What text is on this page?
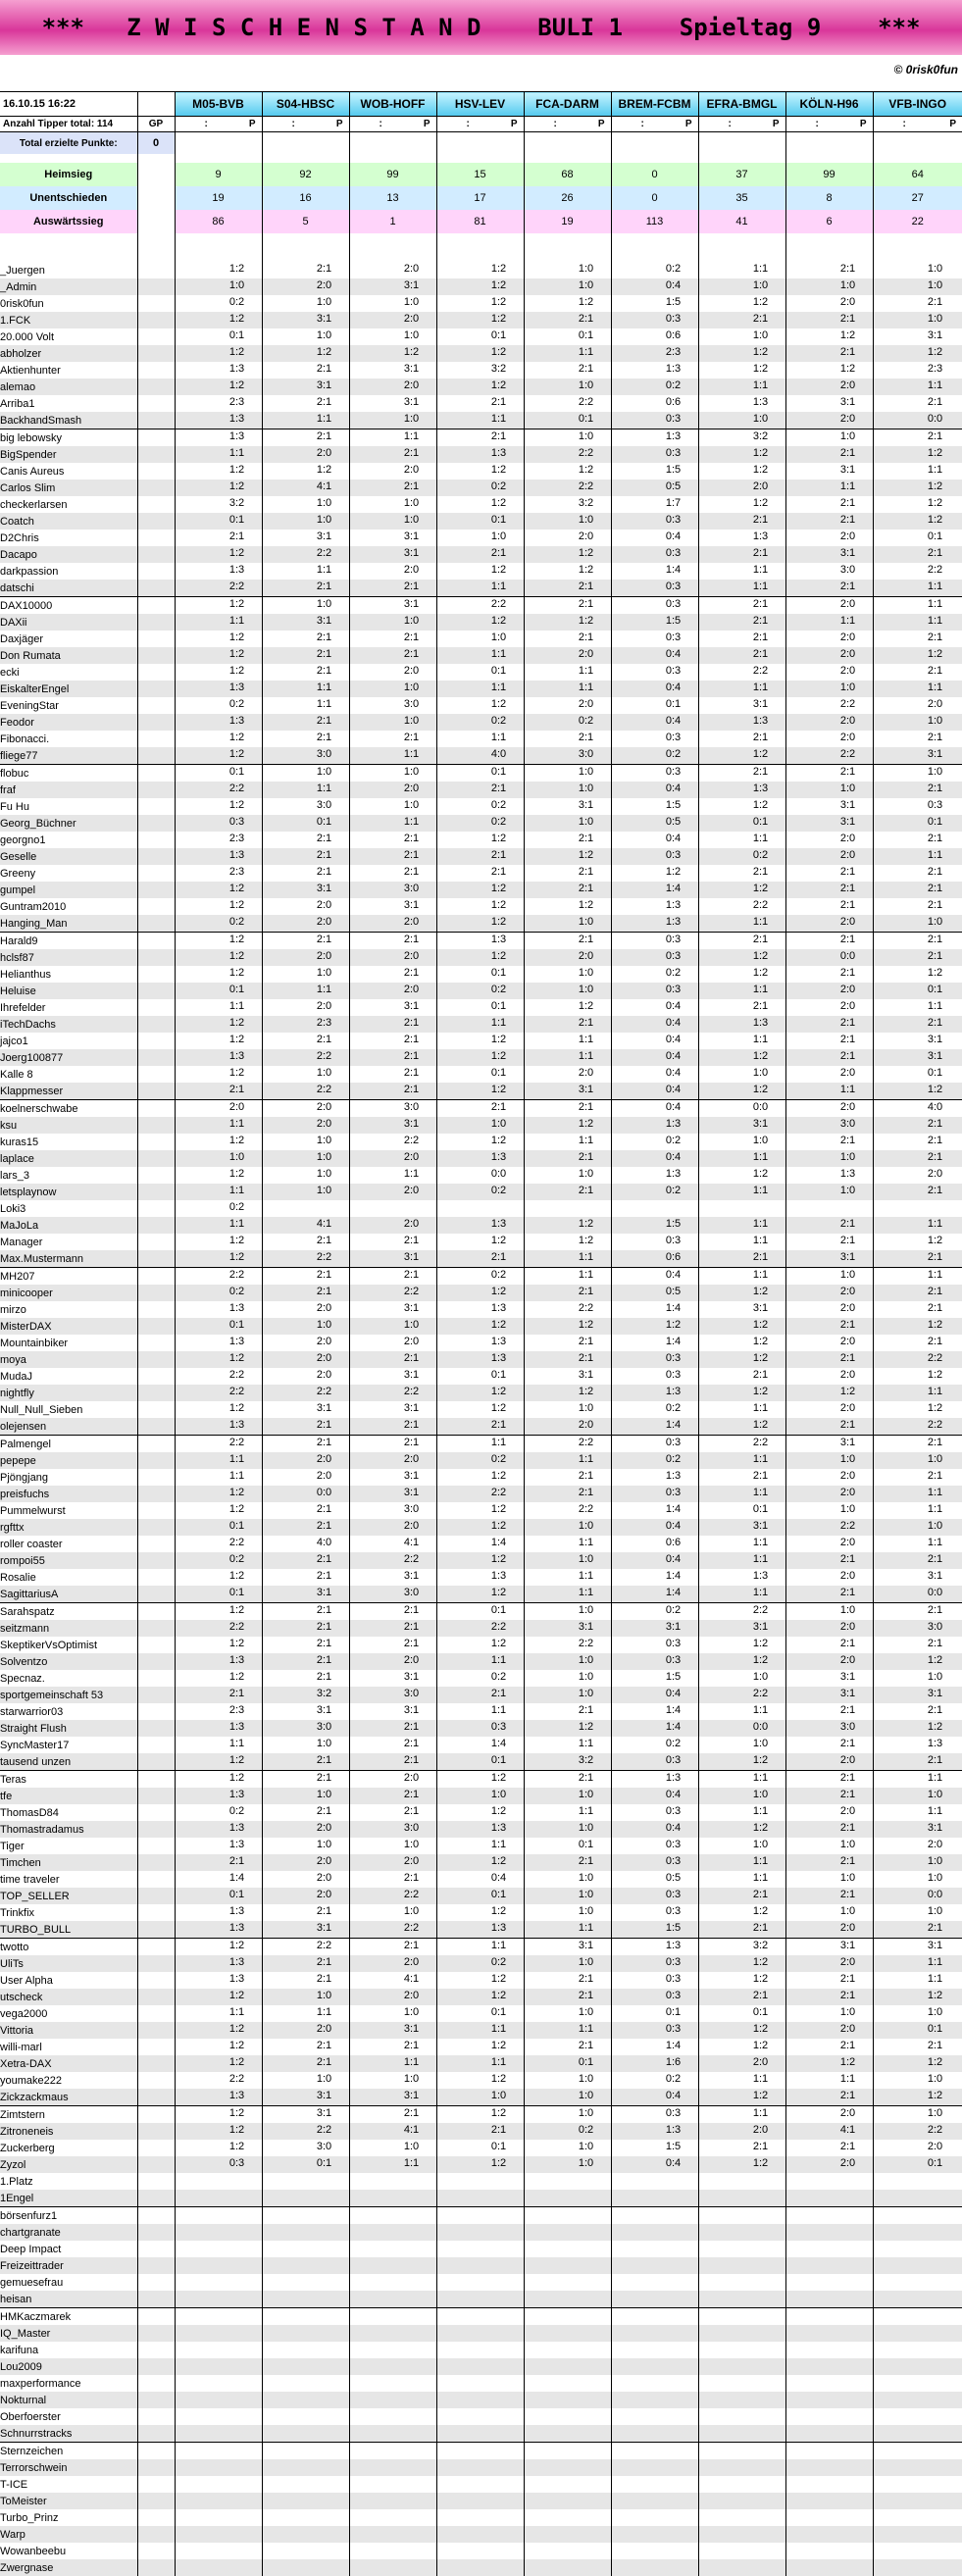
***   Z W I S C H E N S T A N D    BULI 1    Spieltag 9    ***
© 0risk0fun
16.10.15 16:22		M05-BVB	S04-HBSC	WOB-HOFF	HSV-LEV	FCA-DARM	BREM-FCBM	EFRA-BMGL	KÖLN-H96	VFB-INGO
Anzahl Tipper total: 114	GP	: P	: P	: P	: P	: P	: P	: P	: P	: P

Total erzielte Punkte:	0									

Heimsieg		9	92	99	15	68	0	37	99	64
Unentschieden		19	16	13	17	26	0	35	8	27
Auswärtssieg		86	5	1	81	19	113	41	6	22

_Juergen		1:2	2:1	2:0	1:2	1:0	0:2	1:1	2:1	1:0

_Admin		1:0	2:0	3:1	1:2	1:0	0:4	1:0	1:0	1:0

0risk0fun		0:2	1:0	1:0	1:2	1:2	1:5	1:2	2:0	2:1

1.FCK		1:2	3:1	2:0	1:2	2:1	0:3	2:1	2:1	1:0

20.000 Volt		0:1	1:0	1:0	0:1	0:1	0:6	1:0	1:2	3:1

abholzer		1:2	1:2	1:2	1:2	1:1	2:3	1:2	2:1	1:2

Aktienhunter		1:3	2:1	3:1	3:2	2:1	1:3	1:2	1:2	2:3

alemao		1:2	3:1	2:0	1:2	1:0	0:2	1:1	2:0	1:1

Arriba1		2:3	2:1	3:1	2:1	2:2	0:6	1:3	3:1	2:1

BackhandSmash		1:3	1:1	1:0	1:1	0:1	0:3	1:0	2:0	0:0

big lebowsky		1:3	2:1	1:1	2:1	1:0	1:3	3:2	1:0	2:1

BigSpender		1:1	2:0	2:1	1:3	2:2	0:3	1:2	2:1	1:2

Canis Aureus		1:2	1:2	2:0	1:2	1:2	1:5	1:2	3:1	1:1

Carlos Slim		1:2	4:1	2:1	0:2	2:2	0:5	2:0	1:1	1:2

checkerlarsen		3:2	1:0	1:0	1:2	3:2	1:7	1:2	2:1	1:2

Coatch		0:1	1:0	1:0	0:1	1:0	0:3	2:1	2:1	1:2

D2Chris		2:1	3:1	3:1	1:0	2:0	0:4	1:3	2:0	0:1

Dacapo		1:2	2:2	3:1	2:1	1:2	0:3	2:1	3:1	2:1

darkpassion		1:3	1:1	2:0	1:2	1:2	1:4	1:1	3:0	2:2

datschi		2:2	2:1	2:1	1:1	2:1	0:3	1:1	2:1	1:1

DAX10000		1:2	1:0	3:1	2:2	2:1	0:3	2:1	2:0	1:1

DAXii		1:1	3:1	1:0	1:2	1:2	1:5	2:1	1:1	1:1

Daxjäger		1:2	2:1	2:1	1:0	2:1	0:3	2:1	2:0	2:1

Don Rumata		1:2	2:1	2:1	1:1	2:0	0:4	2:1	2:0	1:2

ecki		1:2	2:1	2:0	0:1	1:1	0:3	2:2	2:0	2:1

EiskalterEngel		1:3	1:1	1:0	1:1	1:1	0:4	1:1	1:0	1:1

EveningStar		0:2	1:1	3:0	1:2	2:0	0:1	3:1	2:2	2:0

Feodor		1:3	2:1	1:0	0:2	0:2	0:4	1:3	2:0	1:0

Fibonacci.		1:2	2:1	2:1	1:1	2:1	0:3	2:1	2:0	2:1

fliege77		1:2	3:0	1:1	4:0	3:0	0:2	1:2	2:2	3:1

flobuc		0:1	1:0	1:0	0:1	1:0	0:3	2:1	2:1	1:0

fraf		2:2	1:1	2:0	2:1	1:0	0:4	1:3	1:0	2:1

Fu Hu		1:2	3:0	1:0	0:2	3:1	1:5	1:2	3:1	0:3

Georg_Büchner		0:3	0:1	1:1	0:2	1:0	0:5	0:1	3:1	0:1

georgno1		2:3	2:1	2:1	1:2	2:1	0:4	1:1	2:0	2:1

Geselle		1:3	2:1	2:1	2:1	1:2	0:3	0:2	2:0	1:1

Greeny		2:3	2:1	2:1	2:1	2:1	1:2	2:1	2:1	2:1

gumpel		1:2	3:1	3:0	1:2	2:1	1:4	1:2	2:1	2:1

Guntram2010		1:2	2:0	3:1	1:2	1:2	1:3	2:2	2:1	2:1

Hanging_Man		0:2	2:0	2:0	1:2	1:0	1:3	1:1	2:0	1:0

Harald9		1:2	2:1	2:1	1:3	2:1	0:3	2:1	2:1	2:1

hclsf87		1:2	2:0	2:0	1:2	2:0	0:3	1:2	0:0	2:1

Helianthus		1:2	1:0	2:1	0:1	1:0	0:2	1:2	2:1	1:2

Heluise		0:1	1:1	2:0	0:2	1:0	0:3	1:1	2:0	0:1

Ihrefelder		1:1	2:0	3:1	0:1	1:2	0:4	2:1	2:0	1:1

iTechDachs		1:2	2:3	2:1	1:1	2:1	0:4	1:3	2:1	2:1

jajco1		1:2	2:1	2:1	1:2	1:1	0:4	1:1	2:1	3:1

Joerg100877		1:3	2:2	2:1	1:2	1:1	0:4	1:2	2:1	3:1

Kalle 8		1:2	1:0	2:1	0:1	2:0	0:4	1:0	2:0	0:1

Klappmesser		2:1	2:2	2:1	1:2	3:1	0:4	1:2	1:1	1:2

koelnerschwabe		2:0	2:0	3:0	2:1	2:1	0:4	0:0	2:0	4:0

ksu		1:1	2:0	3:1	1:0	1:2	1:3	3:1	3:0	2:1

kuras15		1:2	1:0	2:2	1:2	1:1	0:2	1:0	2:1	2:1

laplace		1:0	1:0	2:0	1:3	2:1	0:4	1:1	1:0	2:1

lars_3		1:2	1:0	1:1	0:0	1:0	1:3	1:2	1:3	2:0

letsplaynow		1:1	1:0	2:0	0:2	2:1	0:2	1:1	1:0	2:1

Loki3		0:2								

MaJoLa		1:1	4:1	2:0	1:3	1:2	1:5	1:1	2:1	1:1

Manager		1:2	2:1	2:1	1:2	1:2	0:3	1:1	2:1	1:2

Max.Mustermann		1:2	2:2	3:1	2:1	1:1	0:6	2:1	3:1	2:1

MH207		2:2	2:1	2:1	0:2	1:1	0:4	1:1	1:0	1:1

minicooper		0:2	2:1	2:2	1:2	2:1	0:5	1:2	2:0	2:1

mirzo		1:3	2:0	3:1	1:3	2:2	1:4	3:1	2:0	2:1

MisterDAX		0:1	1:0	1:0	1:2	1:2	1:2	1:2	2:1	1:2

Mountainbiker		1:3	2:0	2:0	1:3	2:1	1:4	1:2	2:0	2:1

moya		1:2	2:0	2:1	1:3	2:1	0:3	1:2	2:1	2:2

MudaJ		2:2	2:0	3:1	0:1	3:1	0:3	2:1	2:0	1:2

nightfly		2:2	2:2	2:2	1:2	1:2	1:3	1:2	1:2	1:1

Null_Null_Sieben		1:2	3:1	3:1	1:2	1:0	0:2	1:1	2:0	1:2

olejensen		1:3	2:1	2:1	2:1	2:0	1:4	1:2	2:1	2:2

Palmengel		2:2	2:1	2:1	1:1	2:2	0:3	2:2	3:1	2:1

pepepe		1:1	2:0	2:0	0:2	1:1	0:2	1:1	1:0	1:0

Pjöngjang		1:1	2:0	3:1	1:2	2:1	1:3	2:1	2:0	2:1

preisfuchs		1:2	0:0	3:1	2:2	2:1	0:3	1:1	2:0	1:1

Pummelwurst		1:2	2:1	3:0	1:2	2:2	1:4	0:1	1:0	1:1

rgfttx		0:1	2:1	2:0	1:2	1:0	0:4	3:1	2:2	1:0

roller coaster		2:2	4:0	4:1	1:4	1:1	0:6	1:1	2:0	1:1

rompoi55		0:2	2:1	2:2	1:2	1:0	0:4	1:1	2:1	2:1

Rosalie		1:2	2:1	3:1	1:3	1:1	1:4	1:3	2:0	3:1

SagittariusA		0:1	3:1	3:0	1:2	1:1	1:4	1:1	2:1	0:0

Sarahspatz		1:2	2:1	2:1	0:1	1:0	0:2	2:2	1:0	2:1

seitzmann		2:2	2:1	2:1	2:2	3:1	3:1	3:1	2:0	3:0

SkeptikerVsOptimist		1:2	2:1	2:1	1:2	2:2	0:3	1:2	2:1	2:1

Solventzo		1:3	2:1	2:0	1:1	1:0	0:3	1:2	2:0	1:2

Specnaz.		1:2	2:1	3:1	0:2	1:0	1:5	1:0	3:1	1:0

sportgemeinschaft 53		2:1	3:2	3:0	2:1	1:0	0:4	2:2	3:1	3:1

starwarrior03		2:3	3:1	3:1	1:1	2:1	1:4	1:1	2:1	2:1

Straight Flush		1:3	3:0	2:1	0:3	1:2	1:4	0:0	3:0	1:2

SyncMaster17		1:1	1:0	2:1	1:4	1:1	0:2	1:0	2:1	1:3

tausend unzen		1:2	2:1	2:1	0:1	3:2	0:3	1:2	2:0	2:1

Teras		1:2	2:1	2:0	1:2	2:1	1:3	1:1	2:1	1:1

tfe		1:3	1:0	2:1	1:0	1:0	0:4	1:0	2:1	1:0

ThomasD84		0:2	2:1	2:1	1:2	1:1	0:3	1:1	2:0	1:1

Thomastradamus		1:3	2:0	3:0	1:3	1:0	0:4	1:2	2:1	3:1

Tiger		1:3	1:0	1:0	1:1	0:1	0:3	1:0	1:0	2:0

Timchen		2:1	2:0	2:0	1:2	2:1	0:3	1:1	2:1	1:0

time traveler		1:4	2:0	2:1	0:4	1:0	0:5	1:1	1:0	1:0

TOP_SELLER		0:1	2:0	2:2	0:1	1:0	0:3	2:1	2:1	0:0

Trinkfix		1:3	2:1	1:0	1:2	1:0	0:3	1:2	1:0	1:0

TURBO_BULL		1:3	3:1	2:2	1:3	1:1	1:5	2:1	2:0	2:1

twotto		1:2	2:2	2:1	1:1	3:1	1:3	3:2	3:1	3:1

UliTs		1:3	2:1	2:0	0:2	1:0	0:3	1:2	2:0	1:1

User Alpha		1:3	2:1	4:1	1:2	2:1	0:3	1:2	2:1	1:1

utscheck		1:2	1:0	2:0	1:2	2:1	0:3	2:1	2:1	1:2

vega2000		1:1	1:1	1:0	0:1	1:0	0:1	0:1	1:0	1:0

Vittoria		1:2	2:0	3:1	1:1	1:1	0:3	1:2	2:0	0:1

willi-marl		1:2	2:1	2:1	1:2	2:1	1:4	1:2	2:1	2:1

Xetra-DAX		1:2	2:1	1:1	1:1	0:1	1:6	2:0	1:2	1:2

youmake222		2:2	1:0	1:0	1:2	1:0	0:2	1:1	1:1	1:0

Zickzackmaus		1:3	3:1	3:1	1:0	1:0	0:4	1:2	2:1	1:2

Zimtstern		1:2	3:1	2:1	1:2	1:0	0:3	1:1	2:0	1:0

Zitroneneis		1:2	2:2	4:1	2:1	0:2	1:3	2:0	4:1	2:2

Zuckerberg		1:2	3:0	1:0	0:1	1:0	1:5	2:1	2:1	2:0

Zyzol		0:3	0:1	1:1	1:2	1:0	0:4	1:2	2:0	0:1

1.Platz		

1Engel		

börsenfurz1		

chartgranate		

Deep Impact		

Freizeittrader		

gemuesefrau		

heisan		

HMKaczmarek		

IQ_Master		

karifuna		

Lou2009		

maxperformance		

Nokturnal		

Oberfoerster		

Schnurrstracks		

Sternzeichen		

Terrorschwein		

T-ICE		

ToMeister		

Turbo_Prinz		

Warp		

Wowanbeebu		

Zwergnase		
